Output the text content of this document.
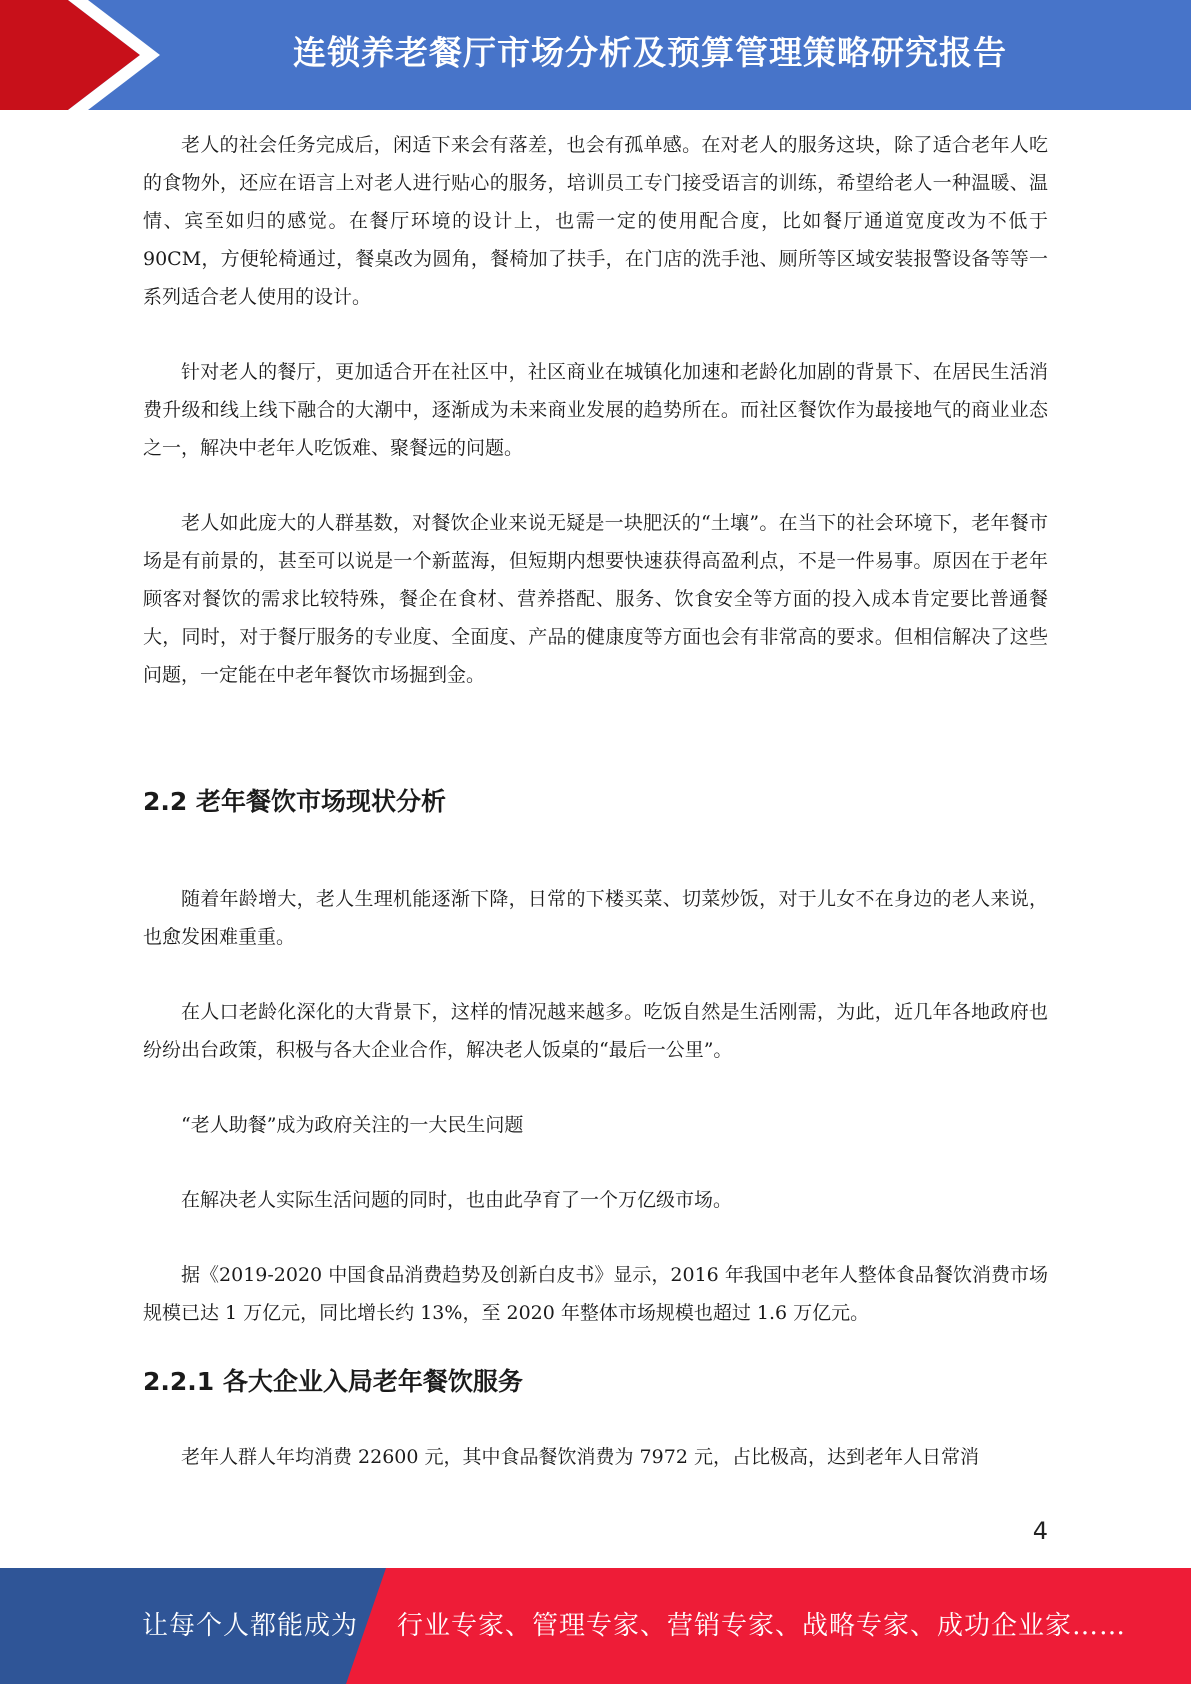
连锁养老餐厅市场分析及预算管理策略研究报告

老人的社会任务完成后，闲适下来会有落差，也会有孤单感。在对老人的服务这块，除了适合老年人吃的食物外，还应在语言上对老人进行贴心的服务，培训员工专门接受语言的训练，希望给老人一种温暖、温情、宾至如归的感觉。在餐厅环境的设计上，也需一定的使用配合度，比如餐厅通道宽度改为不低于 90CM，方便轮椅通过，餐桌改为圆角，餐椅加了扶手，在门店的洗手池、厕所等区域安装报警设备等等一系列适合老人使用的设计。

针对老人的餐厅，更加适合开在社区中，社区商业在城镇化加速和老龄化加剧的背景下、在居民生活消费升级和线上线下融合的大潮中，逐渐成为未来商业发展的趋势所在。而社区餐饮作为最接地气的商业业态之一，解决中老年人吃饭难、聚餐远的问题。

老人如此庞大的人群基数，对餐饮企业来说无疑是一块肥沃的“土壤”。在当下的社会环境下，老年餐市场是有前景的，甚至可以说是一个新蓝海，但短期内想要快速获得高盈利点，不是一件易事。原因在于老年顾客对餐饮的需求比较特殊，餐企在食材、营养搭配、服务、饮食安全等方面的投入成本肯定要比普通餐大，同时，对于餐厅服务的专业度、全面度、产品的健康度等方面也会有非常高的要求。但相信解决了这些问题，一定能在中老年餐饮市场掘到金。

2.2 老年餐饮市场现状分析

随着年龄增大，老人生理机能逐渐下降，日常的下楼买菜、切菜炒饭，对于儿女不在身边的老人来说，也愈发困难重重。

在人口老龄化深化的大背景下，这样的情况越来越多。吃饭自然是生活刚需，为此，近几年各地政府也纷纷出台政策，积极与各大企业合作，解决老人饭桌的“最后一公里”。

“老人助餐”成为政府关注的一大民生问题

在解决老人实际生活问题的同时，也由此孕育了一个万亿级市场。

据《2019-2020 中国食品消费趋势及创新白皮书》显示，2016 年我国中老年人整体食品餐饮消费市场规模已达 1 万亿元，同比增长约 13%，至 2020 年整体市场规模也超过 1.6 万亿元。

2.2.1 各大企业入局老年餐饮服务

老年人群人年均消费 22600 元，其中食品餐饮消费为 7972 元，占比极高，达到老年人日常消

4
让每个人都能成为 行业专家、管理专家、营销专家、战略专家、成功企业家……
